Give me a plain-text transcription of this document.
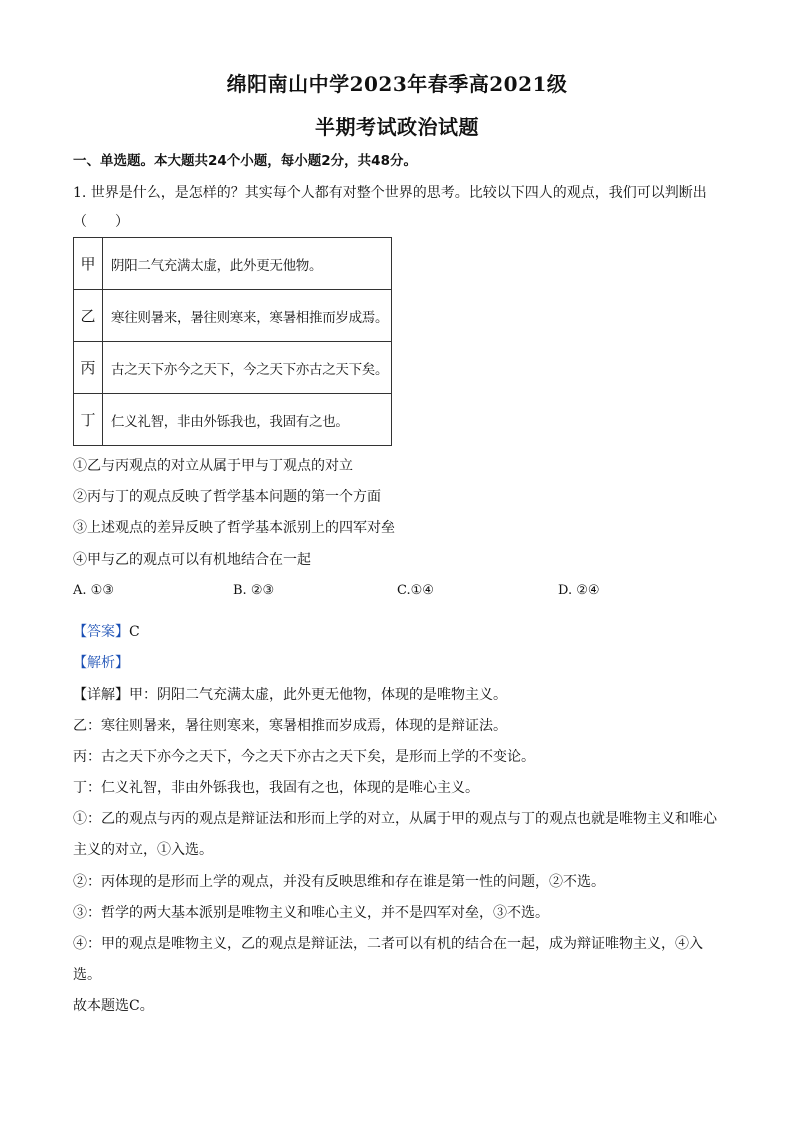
绵阳南山中学2023年春季高2021级
半期考试政治试题
一、单选题。本大题共24个小题，每小题2分，共48分。
1. 世界是什么，是怎样的？其实每个人都有对整个世界的思考。比较以下四人的观点，我们可以判断出
（　　）
甲	阴阳二气充满太虚，此外更无他物。
乙	寒往则暑来，暑往则寒来，寒暑相推而岁成焉。
丙	古之天下亦今之天下，今之天下亦古之天下矣。
丁	仁义礼智，非由外铄我也，我固有之也。
①乙与丙观点的对立从属于甲与丁观点的对立
②丙与丁的观点反映了哲学基本问题的第一个方面
③上述观点的差异反映了哲学基本派别上的四军对垒
④甲与乙的观点可以有机地结合在一起
A. ①③	B. ②③	C.①④	D. ②④
【答案】C
【解析】
【详解】甲：阴阳二气充满太虚，此外更无他物，体现的是唯物主义。
乙：寒往则暑来，暑往则寒来，寒暑相推而岁成焉，体现的是辩证法。
丙：古之天下亦今之天下，今之天下亦古之天下矣，是形而上学的不变论。
丁：仁义礼智，非由外铄我也，我固有之也，体现的是唯心主义。
①：乙的观点与丙的观点是辩证法和形而上学的对立，从属于甲的观点与丁的观点也就是唯物主义和唯心
主义的对立，①入选。
②：丙体现的是形而上学的观点，并没有反映思维和存在谁是第一性的问题，②不选。
③：哲学的两大基本派别是唯物主义和唯心主义，并不是四军对垒，③不选。
④：甲的观点是唯物主义，乙的观点是辩证法，二者可以有机的结合在一起，成为辩证唯物主义，④入
选。
故本题选C。
